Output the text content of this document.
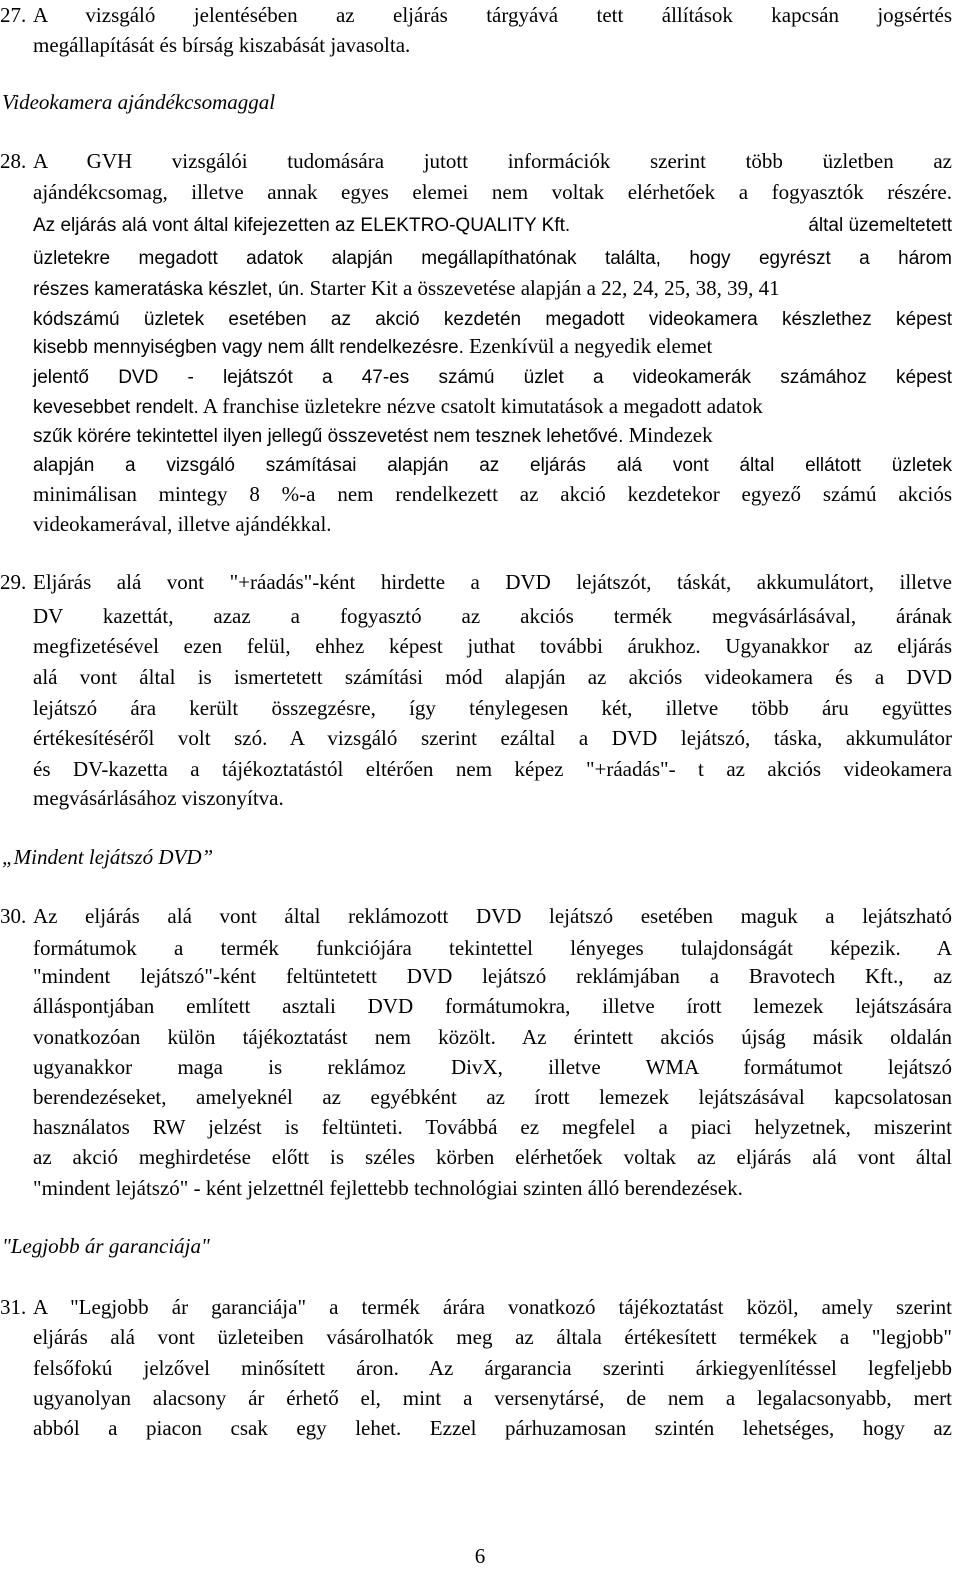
27. A vizsgáló jelentésében az eljárás tárgyává tett állítások kapcsán jogsértés
megállapítását és bírság kiszabását javasolta.
Videokamera ajándékcsomaggal
28. A GVH vizsgálói tudomására jutott információk szerint több üzletben az
ajándékcsomag, illetve annak egyes elemei nem voltak elérhetőek a fogyasztók részére.
Az eljárás alá vont által kifejezetten az ELEKTRO-QUALITY Kft.	által üzemeltetett
üzletekre megadott adatok alapján megállapíthatónak találta, hogy egyrészt a három
részes kameratáska készlet, ún. Starter Kit a összevetése alapján a 22, 24, 25, 38, 39, 41
kódszámú üzletek esetében az akció kezdetén megadott videokamera készlethez képest
kisebb mennyiségben vagy nem állt rendelkezésre. Ezenkívül a negyedik elemet
jelentő DVD - lejátszót a 47-es számú üzlet a videokamerák számához képest
kevesebbet rendelt. A franchise üzletekre nézve csatolt kimutatások a megadott adatok
szűk körére tekintettel ilyen jellegű összevetést nem tesznek lehetővé. Mindezek
alapján a vizsgáló számításai alapján az eljárás alá vont által ellátott üzletek
minimálisan mintegy 8 %-a nem rendelkezett az akció kezdetekor egyező számú akciós
videokamerával, illetve ajándékkal.
29. Eljárás alá vont "+ráadás"-ként hirdette a DVD lejátszót, táskát, akkumulátort, illetve
DV kazettát, azaz a fogyasztó az akciós termék megvásárlásával, árának
megfizetésével ezen felül, ehhez képest juthat további árukhoz. Ugyanakkor az eljárás
alá vont által is ismertetett számítási mód alapján az akciós videokamera és a DVD
lejátszó ára került összegzésre, így ténylegesen két, illetve több áru együttes
értékesítéséről volt szó. A vizsgáló szerint ezáltal a DVD lejátszó, táska, akkumulátor
és DV-kazetta a tájékoztatástól eltérően nem képez "+ráadás"- t az akciós videokamera
megvásárlásához viszonyítva.
„Mindent lejátszó DVD”
30. Az eljárás alá vont által reklámozott DVD lejátszó esetében maguk a lejátszható
formátumok a termék funkciójára tekintettel lényeges tulajdonságát képezik. A
"mindent lejátszó"-ként feltüntetett DVD lejátszó reklámjában a Bravotech Kft., az
álláspontjában említett asztali DVD formátumokra, illetve írott lemezek lejátszására
vonatkozóan külön tájékoztatást nem közölt. Az érintett akciós újság másik oldalán
ugyanakkor maga is reklámoz DivX, illetve WMA formátumot lejátszó
berendezéseket, amelyeknél az egyébként az írott lemezek lejátszásával kapcsolatosan
használatos RW jelzést is feltünteti. Továbbá ez megfelel a piaci helyzetnek, miszerint
az akció meghirdetése előtt is széles körben elérhetőek voltak az eljárás alá vont által
"mindent lejátszó" - ként jelzettnél fejlettebb technológiai szinten álló berendezések.
"Legjobb ár garanciája"
31. A "Legjobb ár garanciája" a termék árára vonatkozó tájékoztatást közöl, amely szerint
eljárás alá vont üzleteiben vásárolhatók meg az általa értékesített termékek a "legjobb"
felsőfokú jelzővel minősített áron. Az árgarancia szerinti árkiegyenlítéssel legfeljebb
ugyanolyan alacsony ár érhető el, mint a versenytársé, de nem a legalacsonyabb, mert
abból a piacon csak egy lehet. Ezzel párhuzamosan szintén lehetséges, hogy az
6
